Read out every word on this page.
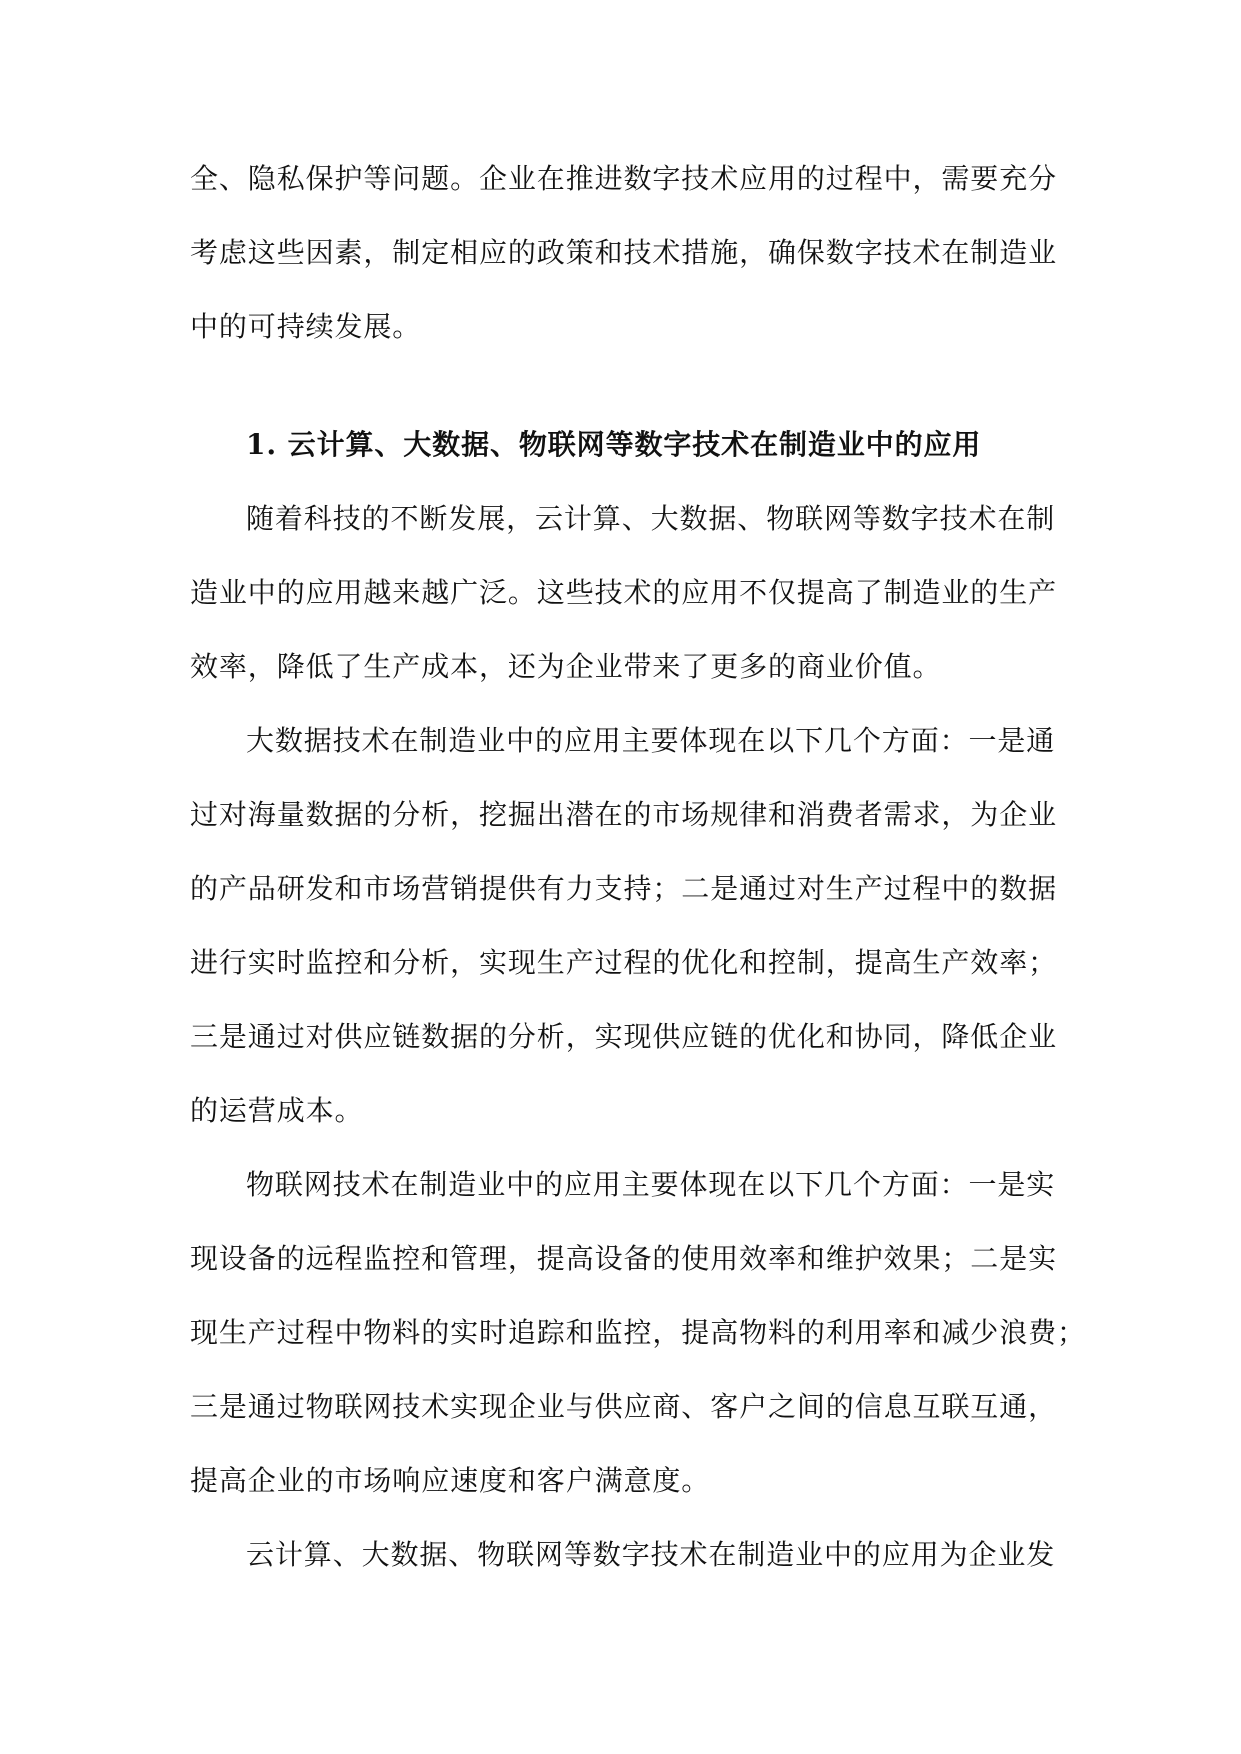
全、隐私保护等问题。企业在推进数字技术应用的过程中，需要充分
考虑这些因素，制定相应的政策和技术措施，确保数字技术在制造业
中的可持续发展。
1. 云计算、大数据、物联网等数字技术在制造业中的应用
随着科技的不断发展，云计算、大数据、物联网等数字技术在制
造业中的应用越来越广泛。这些技术的应用不仅提高了制造业的生产
效率，降低了生产成本，还为企业带来了更多的商业价值。
大数据技术在制造业中的应用主要体现在以下几个方面：一是通
过对海量数据的分析，挖掘出潜在的市场规律和消费者需求，为企业
的产品研发和市场营销提供有力支持；二是通过对生产过程中的数据
进行实时监控和分析，实现生产过程的优化和控制，提高生产效率；
三是通过对供应链数据的分析，实现供应链的优化和协同，降低企业
的运营成本。
物联网技术在制造业中的应用主要体现在以下几个方面：一是实
现设备的远程监控和管理，提高设备的使用效率和维护效果；二是实
现生产过程中物料的实时追踪和监控，提高物料的利用率和减少浪费；
三是通过物联网技术实现企业与供应商、客户之间的信息互联互通，
提高企业的市场响应速度和客户满意度。
云计算、大数据、物联网等数字技术在制造业中的应用为企业发
